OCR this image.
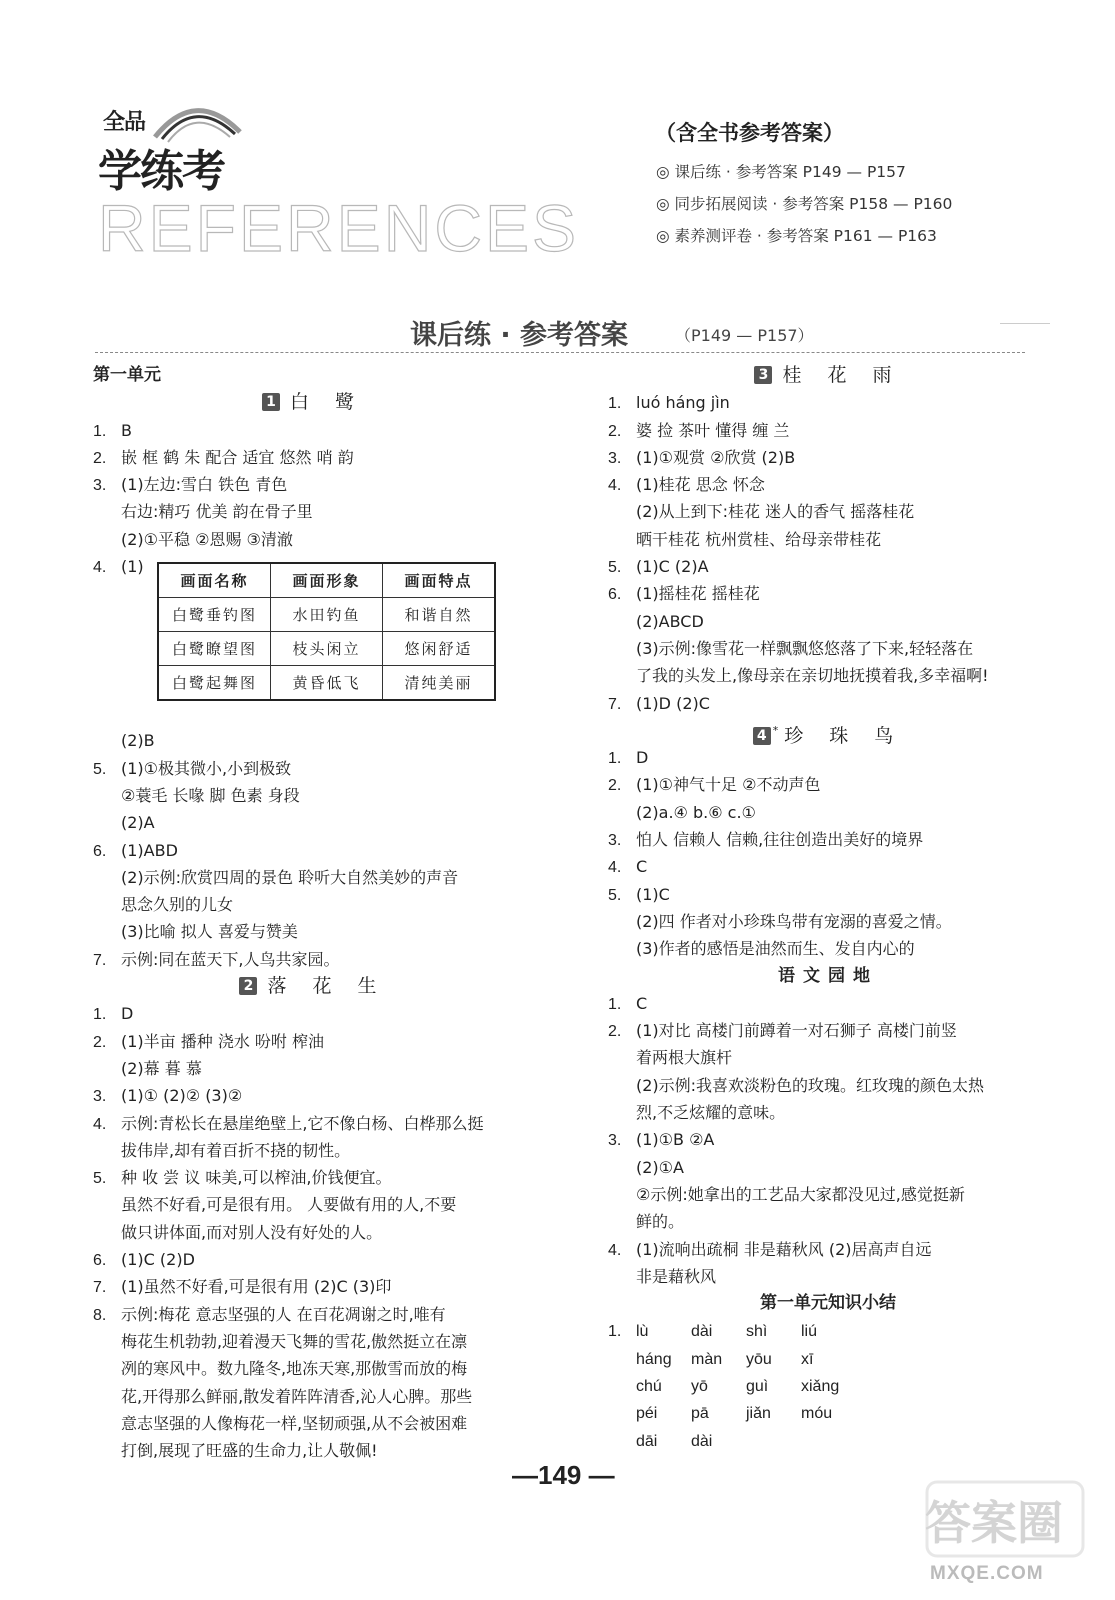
全品
学练考
REFERENCES
（含全书参考答案）
◎ 课后练 · 参考答案 P149 — P157
◎ 同步拓展阅读 · 参考答案 P158 — P160
◎ 素养测评卷 · 参考答案 P161 — P163
课后练 · 参考答案	（P149 — P157）
第一单元
1 白 鹭
1. B
2. 嵌 框 鹤 朱 配合 适宜 悠然 哨 韵
3. (1)左边:雪白 铁色 青色
右边:精巧 优美 韵在骨子里
(2)①平稳 ②恩赐 ③清澈
4. (1)
(2)B
5. (1)①极其微小,小到极致
②蓑毛 长喙 脚 色素 身段
(2)A
6. (1)ABD
(2)示例:欣赏四周的景色 聆听大自然美妙的声音
思念久别的儿女
(3)比喻 拟人 喜爱与赞美
7. 示例:同在蓝天下,人鸟共家园。
2 落 花 生
1. D
2. (1)半亩 播种 浇水 吩咐 榨油
(2)幕 暮 慕
3. (1)① (2)② (3)②
4. 示例:青松长在悬崖绝壁上,它不像白杨、白桦那么挺
拔伟岸,却有着百折不挠的韧性。
5. 种 收 尝 议 味美,可以榨油,价钱便宜。
虽然不好看,可是很有用。 人要做有用的人,不要
做只讲体面,而对别人没有好处的人。
6. (1)C (2)D
7. (1)虽然不好看,可是很有用 (2)C (3)印
8. 示例:梅花 意志坚强的人 在百花凋谢之时,唯有
梅花生机勃勃,迎着漫天飞舞的雪花,傲然挺立在凛
冽的寒风中。数九隆冬,地冻天寒,那傲雪而放的梅
花,开得那么鲜丽,散发着阵阵清香,沁人心脾。那些
意志坚强的人像梅花一样,坚韧顽强,从不会被困难
打倒,展现了旺盛的生命力,让人敬佩!
画面名称	画面形象	画面特点
白鹭垂钓图	水田钓鱼	和谐自然
白鹭瞭望图	枝头闲立	悠闲舒适
白鹭起舞图	黄昏低飞	清纯美丽
3 桂 花 雨
1. luó háng jìn
2. 婆 捡 茶叶 懂得 缠 兰
3. (1)①观赏 ②欣赏 (2)B
4. (1)桂花 思念 怀念
(2)从上到下:桂花 迷人的香气 摇落桂花
晒干桂花 杭州赏桂、给母亲带桂花
5. (1)C (2)A
6. (1)摇桂花 摇桂花
(2)ABCD
(3)示例:像雪花一样飘飘悠悠落了下来,轻轻落在
了我的头发上,像母亲在亲切地抚摸着我,多幸福啊!
7. (1)D (2)C
4 * 珍 珠 鸟
1. D
2. (1)①神气十足 ②不动声色
(2)a.④ b.⑥ c.①
3. 怕人 信赖人 信赖,往往创造出美好的境界
4. C
5. (1)C
(2)四 作者对小珍珠鸟带有宠溺的喜爱之情。
(3)作者的感悟是油然而生、发自内心的
语文园地
1. C
2. (1)对比 高楼门前蹲着一对石狮子 高楼门前竖
着两根大旗杆
(2)示例:我喜欢淡粉色的玫瑰。红玫瑰的颜色太热
烈,不乏炫耀的意味。
3. (1)①B ②A
(2)①A
②示例:她拿出的工艺品大家都没见过,感觉挺新
鲜的。
4. (1)流响出疏桐 非是藉秋风 (2)居高声自远
非是藉秋风
第一单元知识小结
1. lù	dài shì liú
háng màn yōu xī
chú yō guì xiǎng
péi pā jiǎn móu
dāi dài
—149 —
答案圈
MXQE.COM
